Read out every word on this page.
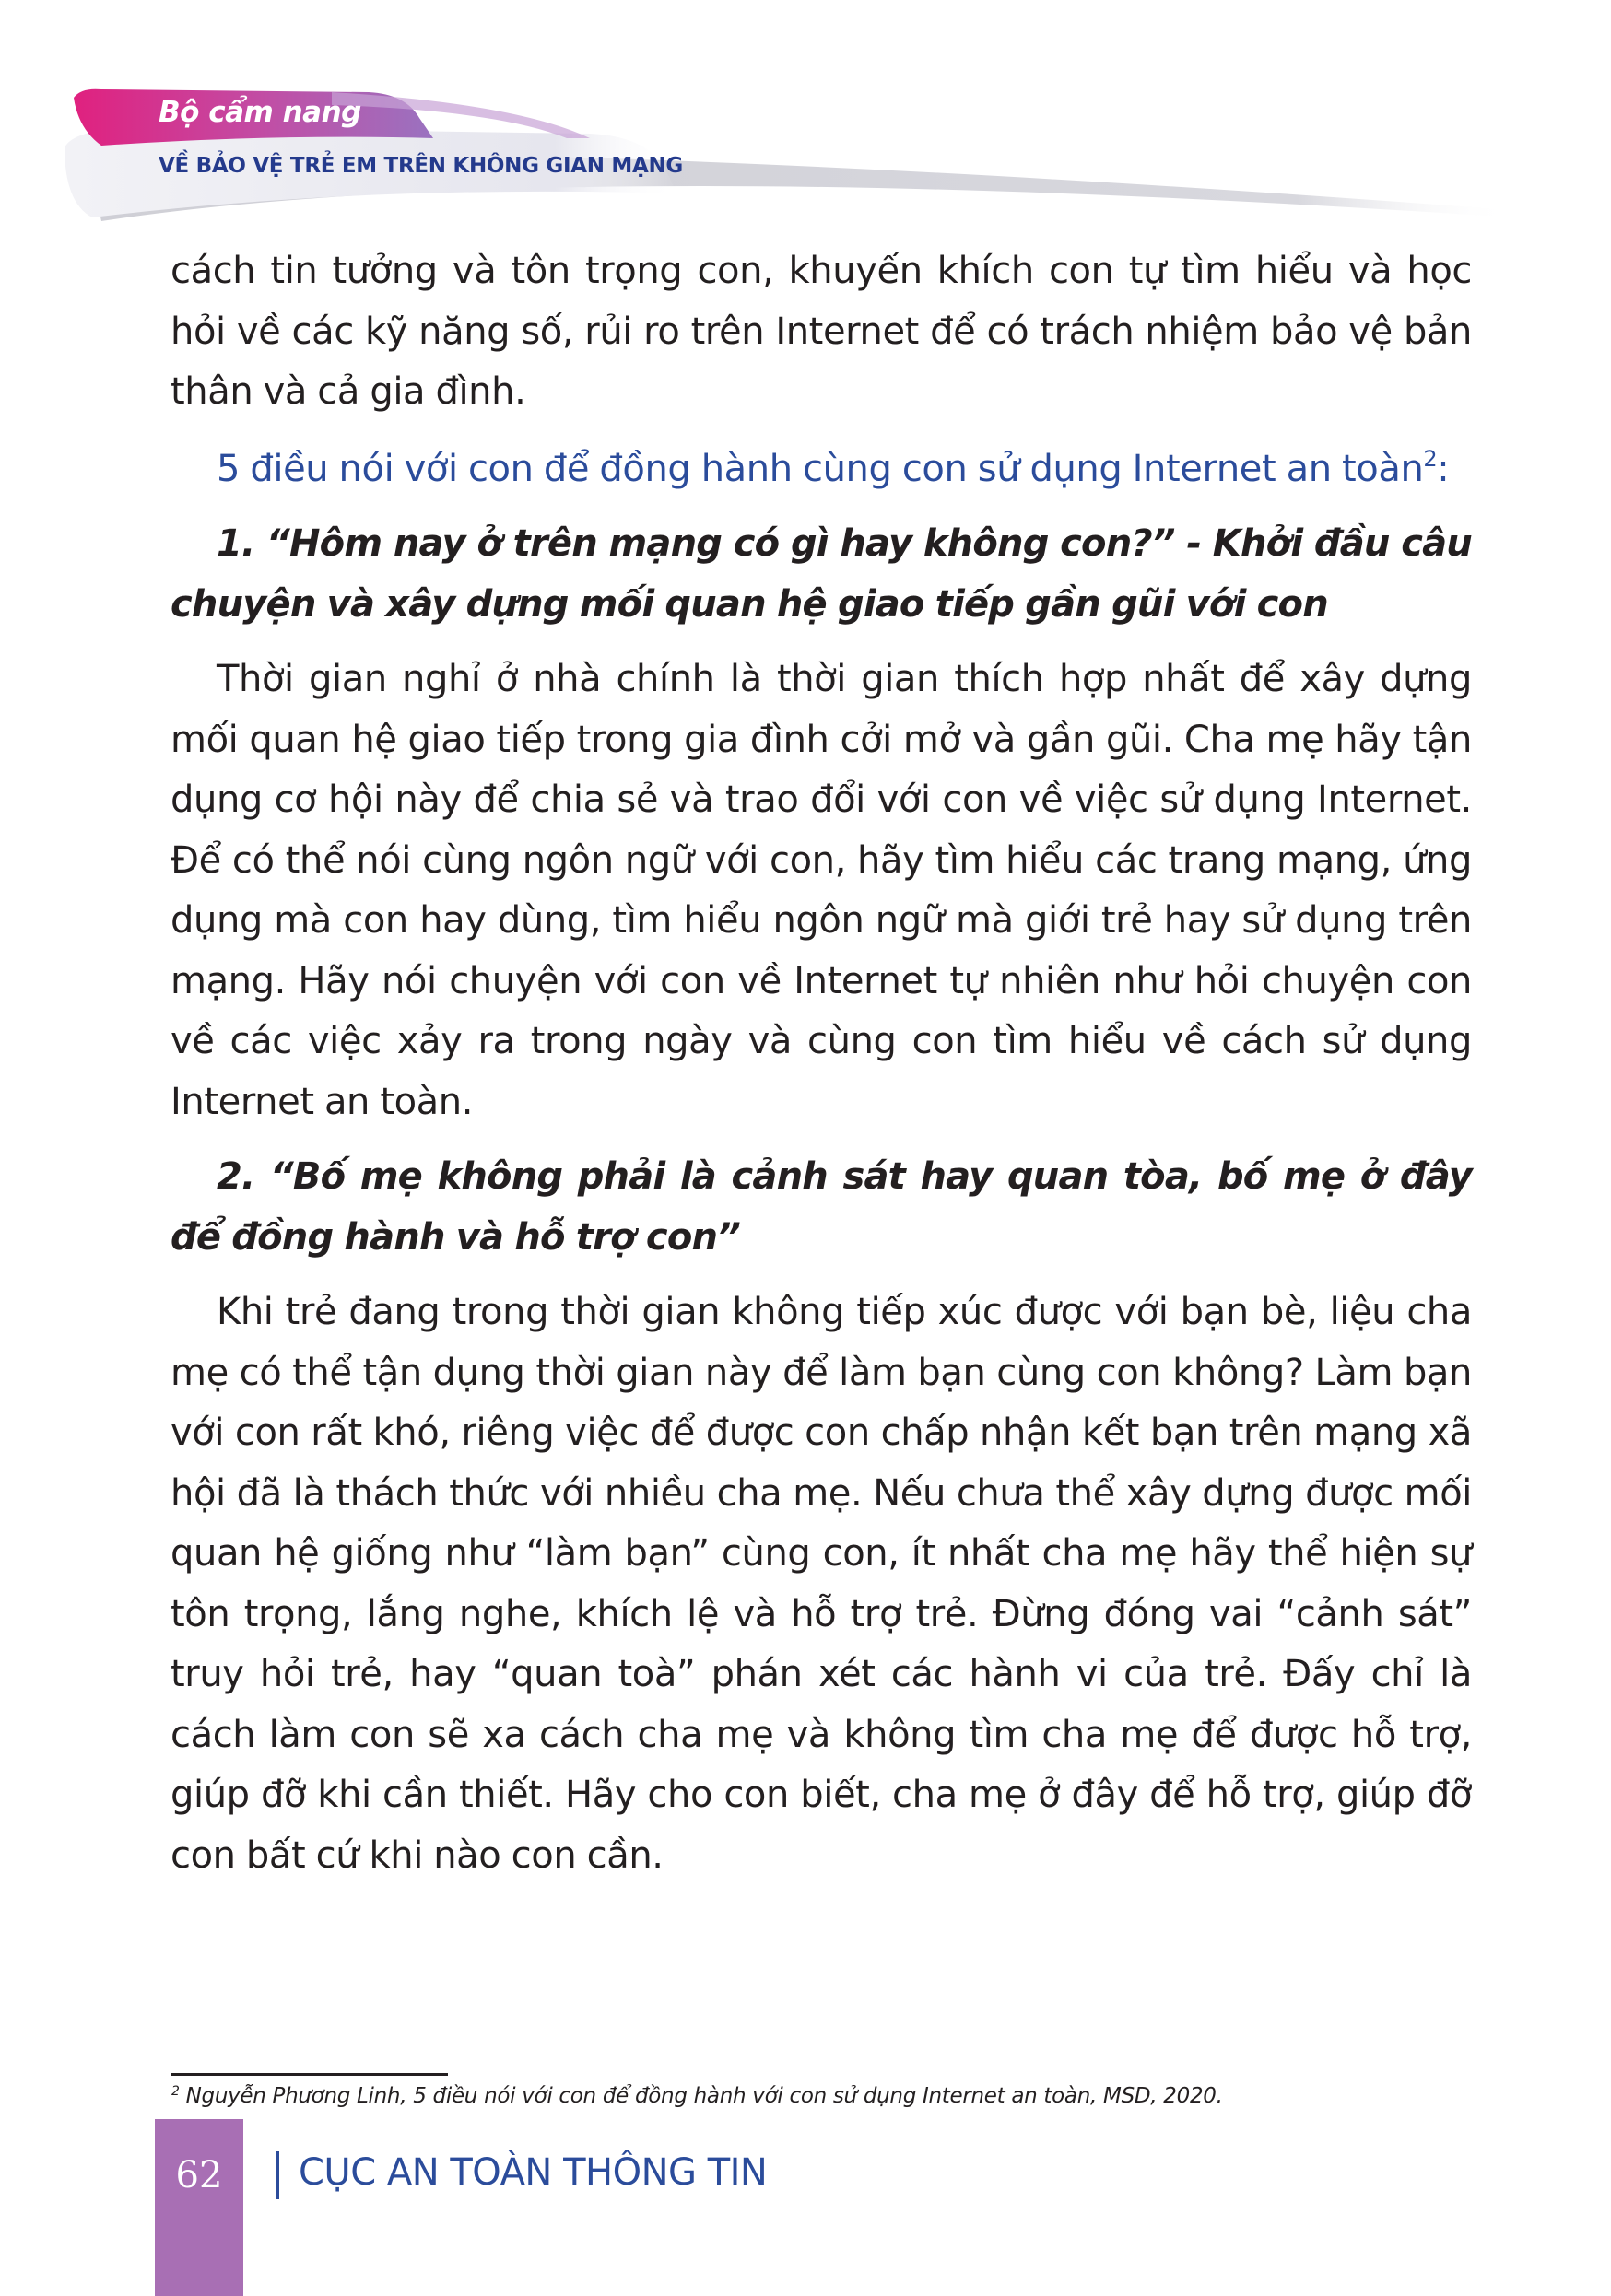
Bộ cẩm nang
VỀ BẢO VỆ TRẺ EM TRÊN KHÔNG GIAN MẠNG

cách tin tưởng và tôn trọng con, khuyến khích con tự tìm hiểu và học hỏi về các kỹ năng số, rủi ro trên Internet để có trách nhiệm bảo vệ bản thân và cả gia đình.

5 điều nói với con để đồng hành cùng con sử dụng Internet an toàn$^2$:

1. “Hôm nay ở trên mạng có gì hay không con?” - Khởi đầu câu chuyện và xây dựng mối quan hệ giao tiếp gần gũi với con

Thời gian nghỉ ở nhà chính là thời gian thích hợp nhất để xây dựng mối quan hệ giao tiếp trong gia đình cởi mở và gần gũi. Cha mẹ hãy tận dụng cơ hội này để chia sẻ và trao đổi với con về việc sử dụng Internet. Để có thể nói cùng ngôn ngữ với con, hãy tìm hiểu các trang mạng, ứng dụng mà con hay dùng, tìm hiểu ngôn ngữ mà giới trẻ hay sử dụng trên mạng. Hãy nói chuyện với con về Internet tự nhiên như hỏi chuyện con về các việc xảy ra trong ngày và cùng con tìm hiểu về cách sử dụng Internet an toàn.

2. “Bố mẹ không phải là cảnh sát hay quan tòa, bố mẹ ở đây để đồng hành và hỗ trợ con”

Khi trẻ đang trong thời gian không tiếp xúc được với bạn bè, liệu cha mẹ có thể tận dụng thời gian này để làm bạn cùng con không? Làm bạn với con rất khó, riêng việc để được con chấp nhận kết bạn trên mạng xã hội đã là thách thức với nhiều cha mẹ. Nếu chưa thể xây dựng được mối quan hệ giống như “làm bạn” cùng con, ít nhất cha mẹ hãy thể hiện sự tôn trọng, lắng nghe, khích lệ và hỗ trợ trẻ. Đừng đóng vai “cảnh sát” truy hỏi trẻ, hay “quan toà” phán xét các hành vi của trẻ. Đấy chỉ là cách làm con sẽ xa cách cha mẹ và không tìm cha mẹ để được hỗ trợ, giúp đỡ khi cần thiết. Hãy cho con biết, cha mẹ ở đây để hỗ trợ, giúp đỡ con bất cứ khi nào con cần.

$^2$ Nguyễn Phương Linh, 5 điều nói với con để đồng hành với con sử dụng Internet an toàn, MSD, 2020.
62	CỤC AN TOÀN THÔNG TIN
